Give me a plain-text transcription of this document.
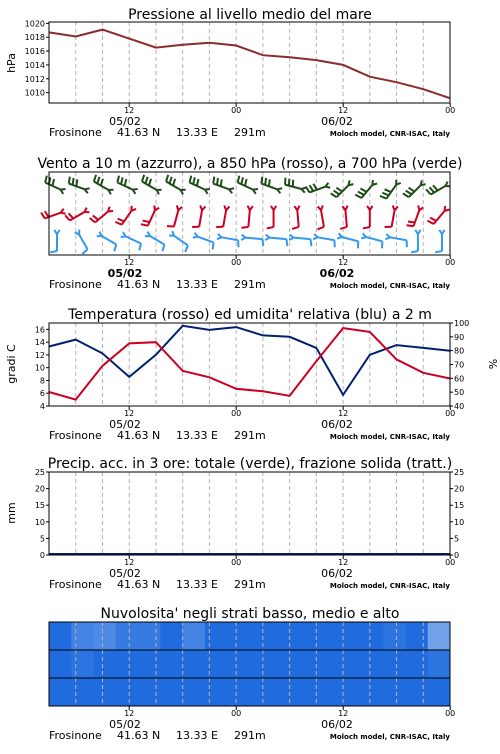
Pressione al livello medio del mare
1010
1012
1014
1016
1018
1020
hPa
12	00	12	00
05/02	06/02
Frosinone 41.63 N 13.33 E 291m	Moloch model, CNR-ISAC, Italy
Vento a 10 m (azzurro), a 850 hPa (rosso), a 700 hPa (verde)
12	00	12	00
05/02	06/02
Frosinone 41.63 N 13.33 E 291m	Moloch model, CNR-ISAC, Italy
Temperatura (rosso) ed umidita' relativa (blu) a 2 m
4
6
8
10
12
14
16
40
50
60
70
80
90
100
gradi C	%
12	00	12	00
05/02	06/02
Frosinone 41.63 N 13.33 E 291m	Moloch model, CNR-ISAC, Italy
Precip. acc. in 3 ore: totale (verde), frazione solida (tratt.)
0
5
10
15
20
25
0
5
10
15
20
25
mm
12	00	12	00
05/02	06/02
Frosinone 41.63 N 13.33 E 291m	Moloch model, CNR-ISAC, Italy
Nuvolosita' negli strati basso, medio e alto
12	00	12	00
05/02	06/02
Frosinone 41.63 N 13.33 E 291m	Moloch model, CNR-ISAC, Italy
